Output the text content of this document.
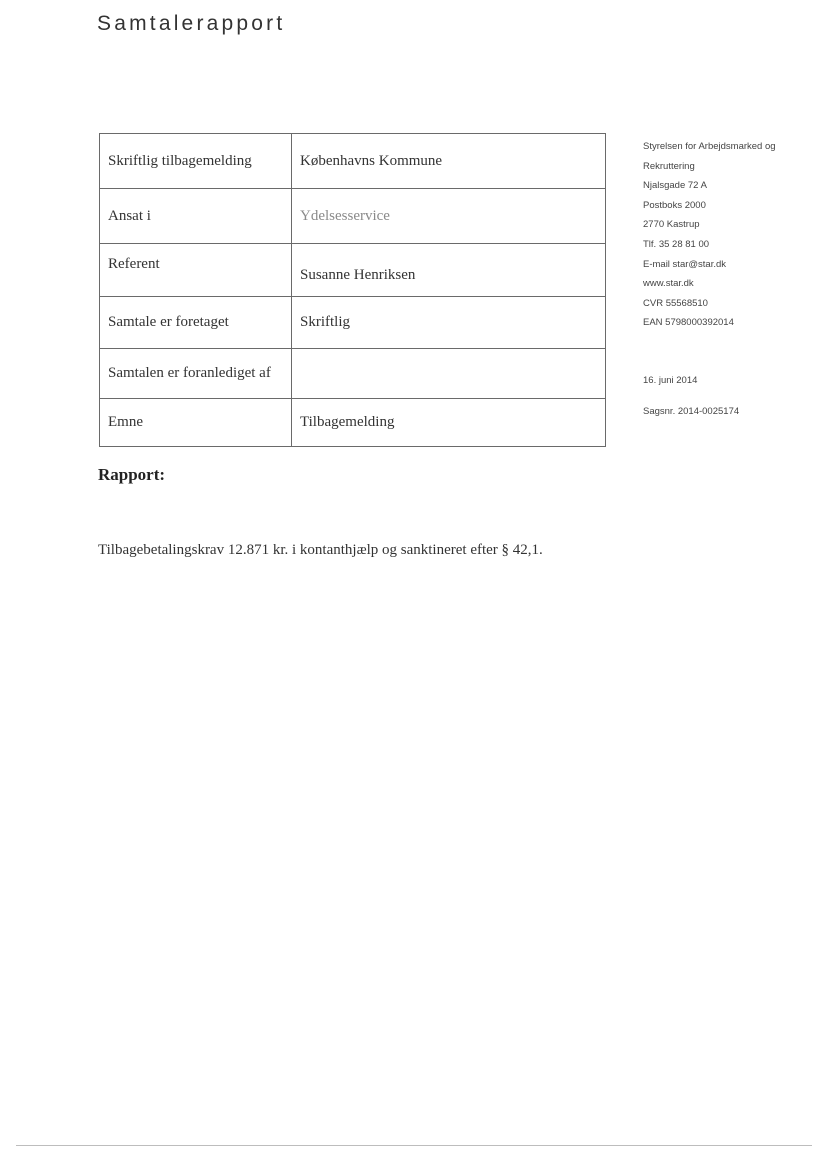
Samtalerapport
Skriftlig tilbagemelding	Københavns Kommune
Ansat i	Ydelsesservice
Referent	Susanne Henriksen
Samtale er foretaget	Skriftlig
Samtalen er foranlediget af	
Emne	Tilbagemelding
Styrelsen for Arbejdsmarked og
Rekruttering
Njalsgade 72 A
Postboks 2000
2770 Kastrup
Tlf. 35 28 81 00
E-mail star@star.dk
www.star.dk
CVR 55568510
EAN 5798000392014
16. juni 2014
Sagsnr. 2014-0025174
Rapport:

Tilbagebetalingskrav 12.871 kr. i kontanthjælp og sanktineret efter § 42,1.
